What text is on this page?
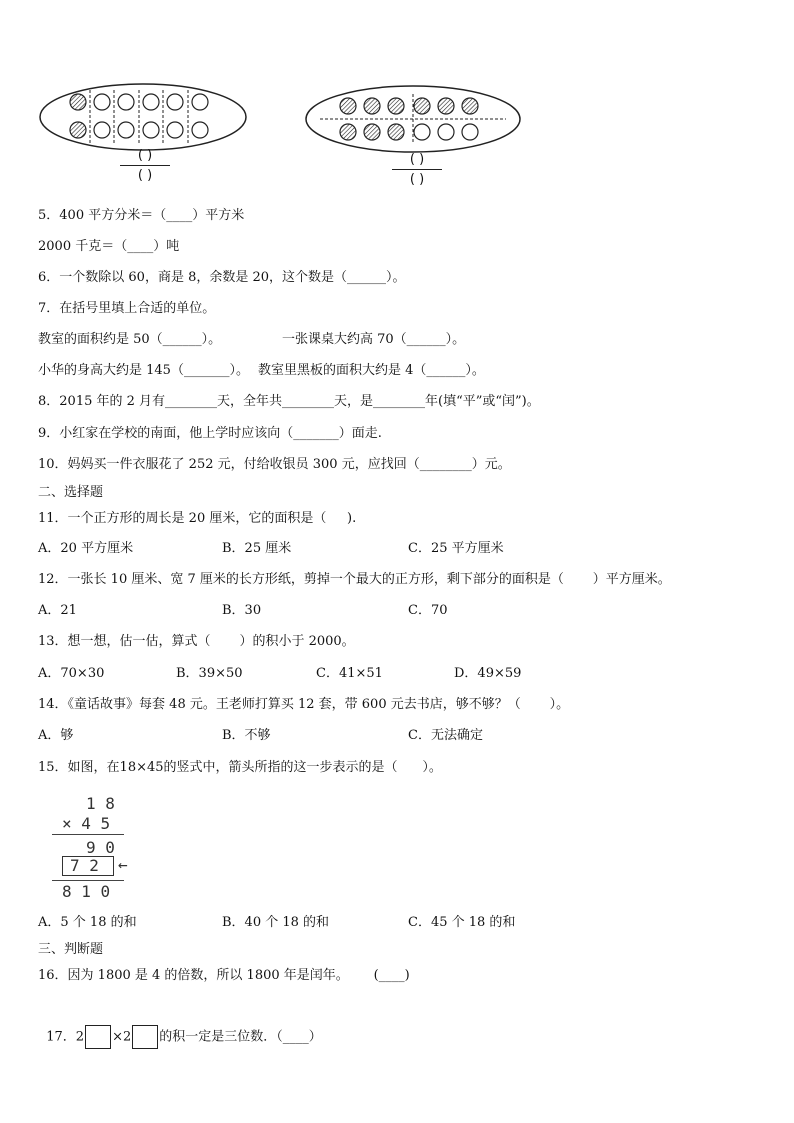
( )
( )
( )
( )
5．400 平方分米＝（____）平方米
2000 千克＝（____）吨
6．一个数除以 60，商是 8，余数是 20，这个数是（______）。
7．在括号里填上合适的单位。
教室的面积约是 50（______）。	一张课桌大约高 70（______）。
小华的身高大约是 145（_______）。 教室里黑板的面积大约是 4（______）。
8．2015 年的 2 月有________天，全年共________天，是________年(填“平”或“闰”)。
9．小红家在学校的南面，他上学时应该向（_______）面走.
10．妈妈买一件衣服花了 252 元，付给收银员 300 元，应找回（________）元。
二、选择题
11．一个正方形的周长是 20 厘米，它的面积是（     ).
A．20 平方厘米	B．25 厘米	C．25 平方厘米
12．一张长 10 厘米、宽 7 厘米的长方形纸，剪掉一个最大的正方形，剩下部分的面积是（       ）平方厘米。
A．21	B．30	C．70
13．想一想，估一估，算式（       ）的积小于 2000。
A．70×30	B．39×50	C．41×51	D．49×59
14．《童话故事》每套 48 元。王老师打算买 12 套，带 600 元去书店，够不够？（       ）。
A．够	B．不够	C．无法确定
15．如图，在18×45的竖式中，箭头所指的这一步表示的是（      ）。
1 8
× 4 5
9 0
7 2 ←
8 1 0
A．5 个 18 的和	B．40 个 18 的和	C．45 个 18 的和
三、判断题
16．因为 1800 是 4 的倍数，所以 1800 年是闰年。      (____)

17．2 ×2 的积一定是三位数．（____）
